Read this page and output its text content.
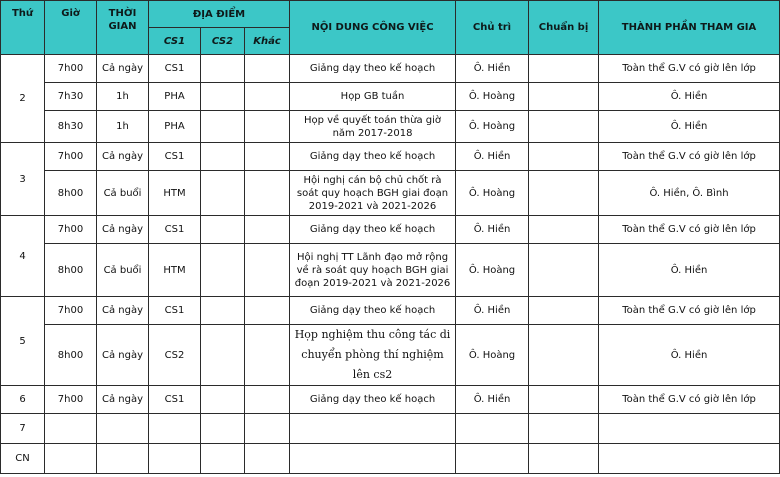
Thứ	Giờ	THỜI GIAN	ĐỊA ĐIỂM			NỘI DUNG CÔNG VIỆC	Chủ trì	Chuẩn bị	THÀNH PHẦN THAM GIA
			CS1	CS2	Khác				
2	7h00	Cả ngày	CS1			Giảng dạy theo kế hoạch	Ô. Hiền		Toàn thể G.V có giờ lên lớp
	7h30	1h	PHA			Họp GB tuần	Ô. Hoàng		Ô. Hiền
	8h30	1h	PHA			Họp về quyết toán thừa giờ năm 2017-2018	Ô. Hoàng		Ô. Hiền
3	7h00	Cả ngày	CS1			Giảng dạy theo kế hoạch	Ô. Hiền		Toàn thể G.V có giờ lên lớp
	8h00	Cả buổi	HTM			Hội nghị cán bộ chủ chốt rà soát quy hoạch BGH giai đoạn 2019-2021 và 2021-2026	Ô. Hoàng		Ô. Hiền, Ô. Bình
4	7h00	Cả ngày	CS1			Giảng dạy theo kế hoạch	Ô. Hiền		Toàn thể G.V có giờ lên lớp
	8h00	Cả buổi	HTM			Hội nghị TT Lãnh đạo mở rộng về rà soát quy hoạch BGH giai đoạn 2019-2021 và 2021-2026	Ô. Hoàng		Ô. Hiền
5	7h00	Cả ngày	CS1			Giảng dạy theo kế hoạch	Ô. Hiền		Toàn thể G.V có giờ lên lớp
	8h00	Cả ngày	CS2			Họp nghiệm thu công tác di chuyển phòng thí nghiệm lên cs2	Ô. Hoàng		Ô. Hiền
6	7h00	Cả ngày	CS1			Giảng dạy theo kế hoạch	Ô. Hiền		Toàn thể G.V có giờ lên lớp
7									
CN									
